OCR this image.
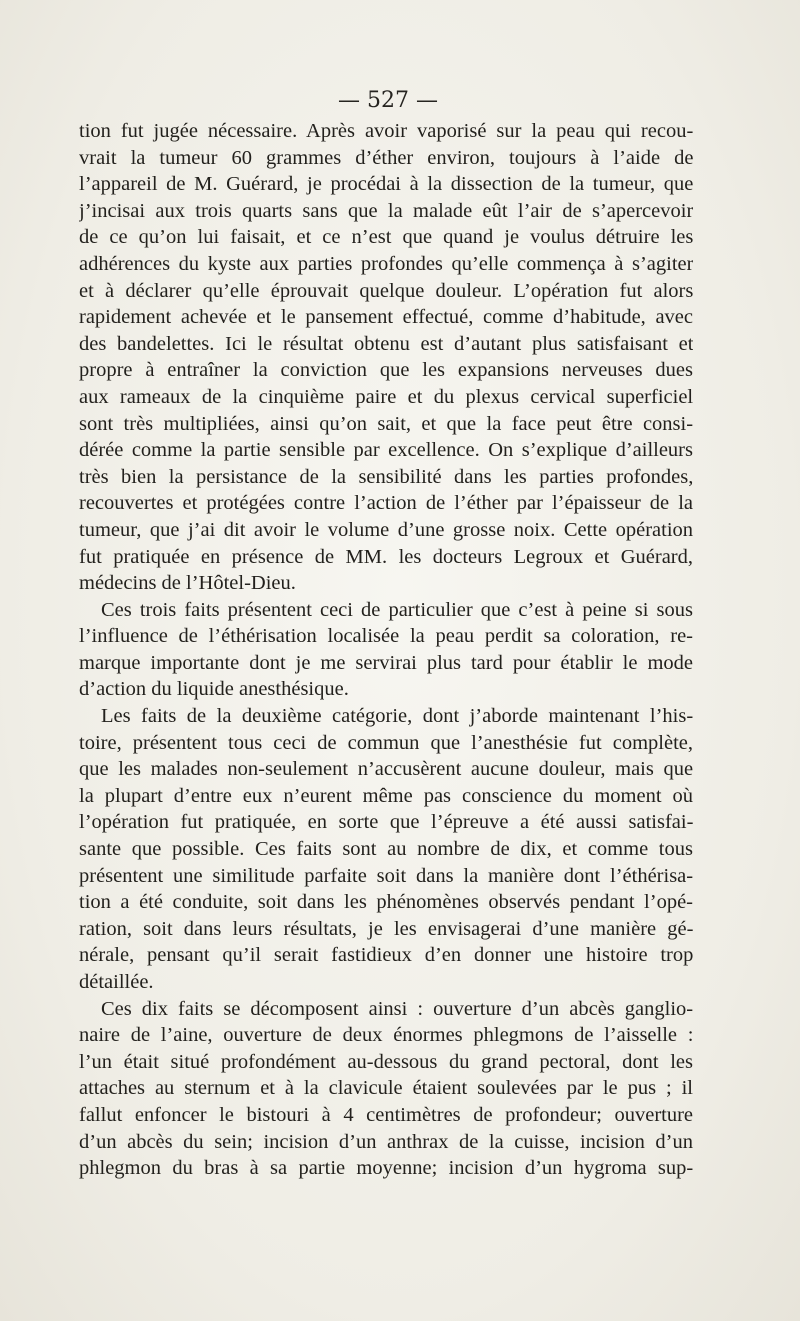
— 527 —
tion fut jugée nécessaire. Après avoir vaporisé sur la peau qui recou-
vrait la tumeur 60 grammes d’éther environ, toujours à l’aide de
l’appareil de M. Guérard, je procédai à la dissection de la tumeur, que
j’incisai aux trois quarts sans que la malade eût l’air de s’apercevoir
de ce qu’on lui faisait, et ce n’est que quand je voulus détruire les
adhérences du kyste aux parties profondes qu’elle commença à s’agiter
et à déclarer qu’elle éprouvait quelque douleur. L’opération fut alors
rapidement achevée et le pansement effectué, comme d’habitude, avec
des bandelettes. Ici le résultat obtenu est d’autant plus satisfaisant et
propre à entraîner la conviction que les expansions nerveuses dues
aux rameaux de la cinquième paire et du plexus cervical superficiel
sont très multipliées, ainsi qu’on sait, et que la face peut être consi-
dérée comme la partie sensible par excellence. On s’explique d’ailleurs
très bien la persistance de la sensibilité dans les parties profondes,
recouvertes et protégées contre l’action de l’éther par l’épaisseur de la
tumeur, que j’ai dit avoir le volume d’une grosse noix. Cette opération
fut pratiquée en présence de MM. les docteurs Legroux et Guérard,
médecins de l’Hôtel-Dieu.
Ces trois faits présentent ceci de particulier que c’est à peine si sous
l’influence de l’éthérisation localisée la peau perdit sa coloration, re-
marque importante dont je me servirai plus tard pour établir le mode
d’action du liquide anesthésique.
Les faits de la deuxième catégorie, dont j’aborde maintenant l’his-
toire, présentent tous ceci de commun que l’anesthésie fut complète,
que les malades non-seulement n’accusèrent aucune douleur, mais que
la plupart d’entre eux n’eurent même pas conscience du moment où
l’opération fut pratiquée, en sorte que l’épreuve a été aussi satisfai-
sante que possible. Ces faits sont au nombre de dix, et comme tous
présentent une similitude parfaite soit dans la manière dont l’éthérisa-
tion a été conduite, soit dans les phénomènes observés pendant l’opé-
ration, soit dans leurs résultats, je les envisagerai d’une manière gé-
nérale, pensant qu’il serait fastidieux d’en donner une histoire trop
détaillée.
Ces dix faits se décomposent ainsi : ouverture d’un abcès ganglio-
naire de l’aine, ouverture de deux énormes phlegmons de l’aisselle :
l’un était situé profondément au-dessous du grand pectoral, dont les
attaches au sternum et à la clavicule étaient soulevées par le pus ; il
fallut enfoncer le bistouri à 4 centimètres de profondeur; ouverture
d’un abcès du sein; incision d’un anthrax de la cuisse, incision d’un
phlegmon du bras à sa partie moyenne; incision d’un hygroma sup-
